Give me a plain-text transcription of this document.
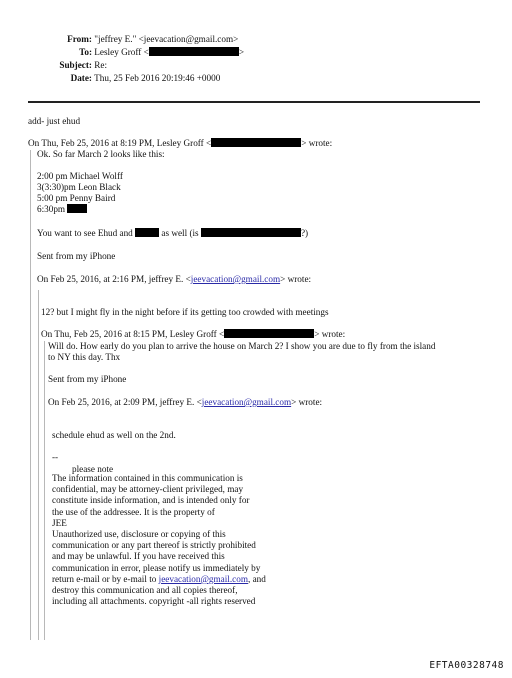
From: "jeffrey E." <jeevacation@gmail.com>
To: Lesley Groff <	>
Subject: Re:
Date: Thu, 25 Feb 2016 20:19:46 +0000
add- just ehud
On Thu, Feb 25, 2016 at 8:19 PM, Lesley Groff <	> wrote:
Ok. So far March 2 looks like this:
2:00 pm Michael Wolff
3(3:30)pm Leon Black
5:00 pm Penny Baird
6:30pm
You want to see Ehud and	as well (is	?)
Sent from my iPhone
On Feb 25, 2016, at 2:16 PM, jeffrey E. <jeevacation@gmail.com> wrote:
12? but I might fly in the night before if its getting too crowded with meetings
On Thu, Feb 25, 2016 at 8:15 PM, Lesley Groff <	> wrote:
Will do. How early do you plan to arrive the house on March 2? I show you are due to fly from the island
to NY this day. Thx
Sent from my iPhone
On Feb 25, 2016, at 2:09 PM, jeffrey E. <jeevacation@gmail.com> wrote:
schedule ehud as well on the 2nd.
--
please note

The information contained in this communication is

confidential, may be attorney-client privileged, may

constitute inside information, and is intended only for

the use of the addressee. It is the property of

JEE

Unauthorized use, disclosure or copying of this

communication or any part thereof is strictly prohibited

and may be unlawful. If you have received this

communication in error, please notify us immediately by

return e-mail or by e-mail to jeevacation@gmail.com, and

destroy this communication and all copies thereof,

including all attachments. copyright -all rights reserved

EFTA00328748
